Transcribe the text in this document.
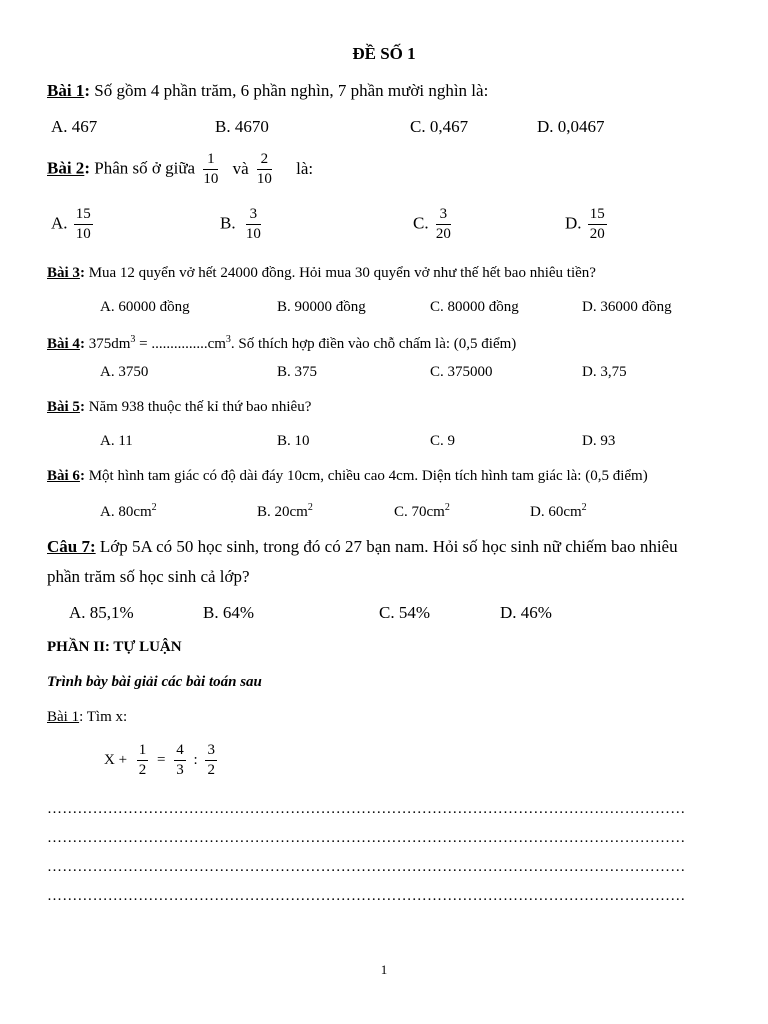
ĐỀ SỐ 1
Bài 1: Số gồm 4 phần trăm, 6 phần nghìn, 7 phần mười nghìn là:
A. 467	B. 4670	C. 0,467	D. 0,0467
Bài 2: Phân số ở giữa $\frac{1}{10}$ và $\frac{2}{10}$ là:
A. $\frac{15}{10}$	B. $\frac{3}{10}$	C. $\frac{3}{20}$	D. $\frac{15}{20}$
Bài 3: Mua 12 quyển vở hết 24000 đồng. Hỏi mua 30 quyển vở như thế hết bao nhiêu tiền?
A. 60000 đồng	B. 90000 đồng	C. 80000 đồng	D. 36000 đồng
Bài 4: $375dm^3 = ...............cm^3$. Số thích hợp điền vào chỗ chấm là: (0,5 điểm)
A. 3750	B. 375	C. 375000	D. 3,75
Bài 5: Năm 938 thuộc thế kỉ thứ bao nhiêu?
A. 11	B. 10	C. 9	D. 93
Bài 6: Một hình tam giác có độ dài đáy 10cm, chiều cao 4cm. Diện tích hình tam giác là: (0,5 điểm)
A. $80cm^2$	B. $20cm^2$	C. $70cm^2$	D. $60cm^2$
Câu 7: Lớp 5A có 50 học sinh, trong đó có 27 bạn nam. Hỏi số học sinh nữ chiếm bao nhiêu
phần trăm số học sinh cả lớp?
A. 85,1%	B. 64%	C. 54%	D. 46%
PHẦN II: TỰ LUẬN
Trình bày bài giải các bài toán sau
Bài 1: Tìm x:
$X + \frac{1}{2} = \frac{4}{3}$ : $\frac{3}{2}$
………………………………………………………………………………………………………………
………………………………………………………………………………………………………………
………………………………………………………………………………………………………………
………………………………………………………………………………………………………………
1
